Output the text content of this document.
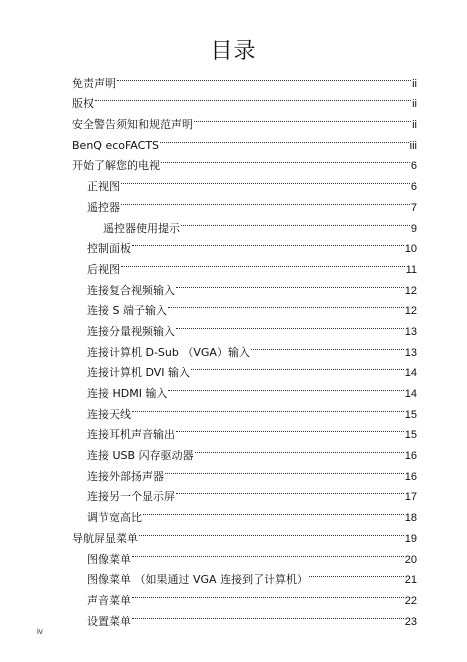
目录
免责声明	ii
版权	ii
安全警告须知和规范声明	ii
BenQ ecoFACTS	iii
开始了解您的电视	6
正视图	6
遥控器	7
遥控器使用提示	9
控制面板	10
后视图	11
连接复合视频输入	12
连接 S 端子输入	12
连接分量视频输入	13
连接计算机 D-Sub （VGA）输入	13
连接计算机 DVI 输入	14
连接 HDMI 输入	14
连接天线	15
连接耳机声音输出	15
连接 USB 闪存驱动器	16
连接外部扬声器	16
连接另一个显示屏	17
调节宽高比	18
导航屏显菜单	19
图像菜单	20
图像菜单 （如果通过 VGA 连接到了计算机）	21
声音菜单	22
设置菜单	23
iv
